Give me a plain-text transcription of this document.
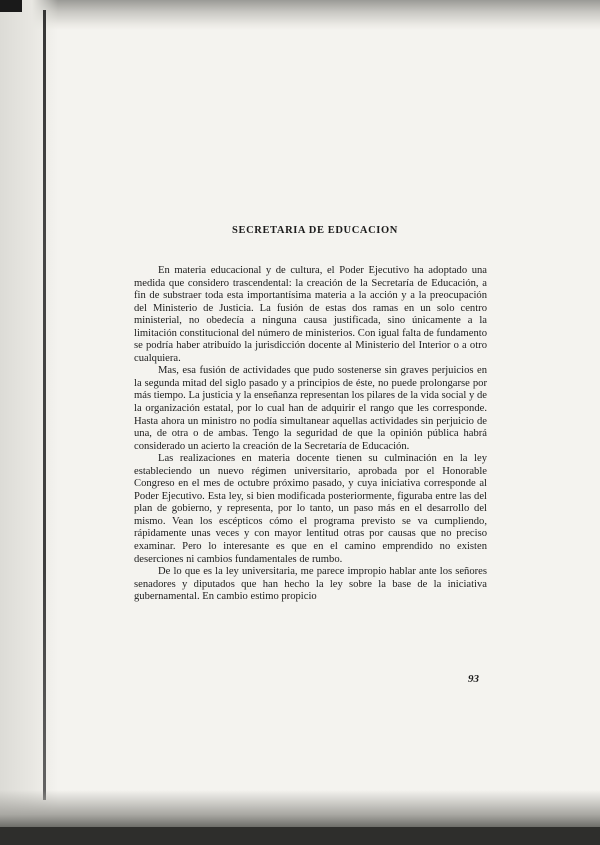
SECRETARIA DE EDUCACION

En materia educacional y de cultura, el Poder Ejecutivo ha adoptado una medida que considero trascendental: la creación de la Secretaría de Educación, a fin de substraer toda esta importantísima materia a la acción y a la preocupación del Ministerio de Justicia. La fusión de estas dos ramas en un solo centro ministerial, no obedecía a ninguna causa justificada, sino únicamente a la limitación constitucional del número de ministerios. Con igual falta de fundamento se podría haber atribuído la jurisdicción docente al Ministerio del Interior o a otro cualquiera.

Mas, esa fusión de actividades que pudo sostenerse sin graves perjuicios en la segunda mitad del siglo pasado y a principios de éste, no puede prolongarse por más tiempo. La justicia y la enseñanza representan los pilares de la vida social y de la organización estatal, por lo cual han de adquirir el rango que les corresponde. Hasta ahora un ministro no podía simultanear aquellas actividades sin perjuicio de una, de otra o de ambas. Tengo la seguridad de que la opinión pública habrá considerado un acierto la creación de la Secretaría de Educación.

Las realizaciones en materia docente tienen su culminación en la ley estableciendo un nuevo régimen universitario, aprobada por el Honorable Congreso en el mes de octubre próximo pasado, y cuya iniciativa corresponde al Poder Ejecutivo. Esta ley, si bien modificada posteriormente, figuraba entre las del plan de gobierno, y representa, por lo tanto, un paso más en el desarrollo del mismo. Vean los escépticos cómo el programa previsto se va cumpliendo, rápidamente unas veces y con mayor lentitud otras por causas que no preciso examinar. Pero lo interesante es que en el camino emprendido no existen deserciones ni cambios fundamentales de rumbo.

De lo que es la ley universitaria, me parece impropio hablar ante los señores senadores y diputados que han hecho la ley sobre la base de la iniciativa gubernamental. En cambio estimo propicio

93
